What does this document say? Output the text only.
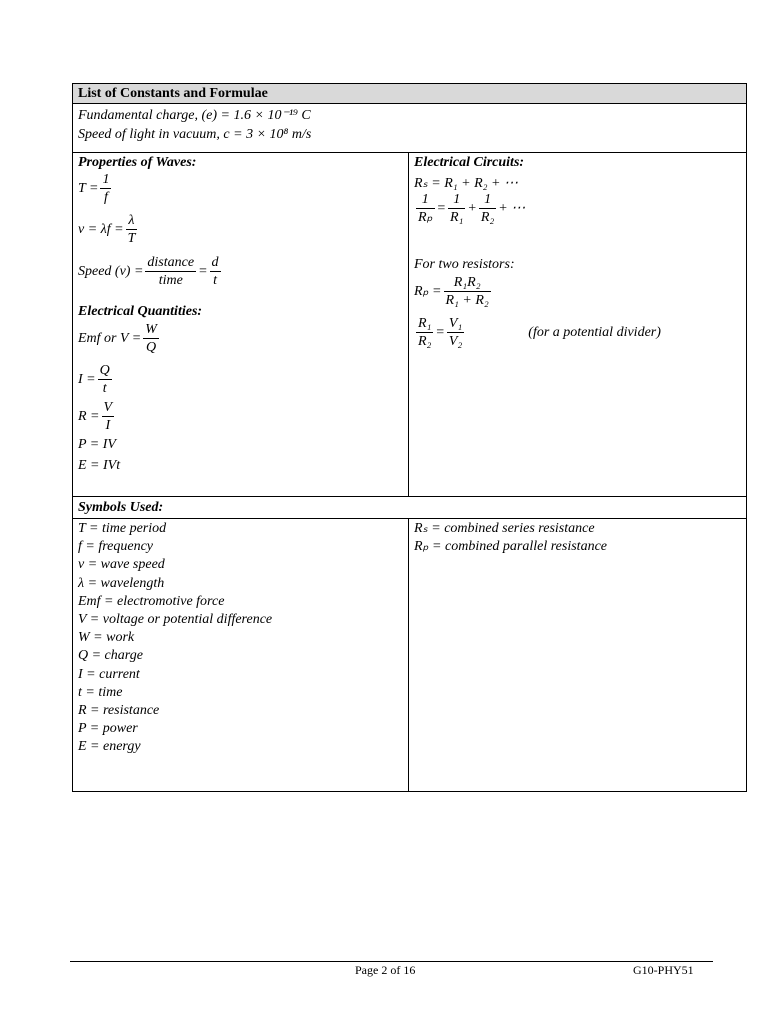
List of Constants and Formulae
Fundamental charge, (e) = 1.6 × 10⁻¹⁹ C
Speed of light in vacuum, c = 3 × 10⁸ m/s
Properties of Waves:
$T = \frac{1}{f}$
$v = \lambda f = \frac{\lambda}{T}$
Speed $(v) = \frac{\text{distance}}{\text{time}} = \frac{d}{t}$
Electrical Quantities:
Emf or $V = \frac{W}{Q}$
$I = \frac{Q}{t}$
$R = \frac{V}{I}$
P = IV
E = IVt
Electrical Circuits:
Rₛ = R₁ + R₂ + ⋯
$\frac{1}{\text{Rₚ}} = \frac{1}{\text{R₁}} + \frac{1}{\text{R₂}}$ + ⋯
For two resistors:
$R_p = \frac{\text{R₁R₂}}{\text{R₁ + R₂}}$
$\frac{\text{R₁}}{\text{R₂}} = \frac{\text{V₁}}{\text{V₂}}$	(for a potential divider)
Symbols Used:
T = time period
f = frequency
v = wave speed
λ = wavelength
Emf = electromotive force
V = voltage or potential difference
W = work
Q = charge
I = current
t = time
R = resistance
P = power
E = energy
Rₛ = combined series resistance
Rₚ = combined parallel resistance
Page 2 of 16	G10-PHY51
